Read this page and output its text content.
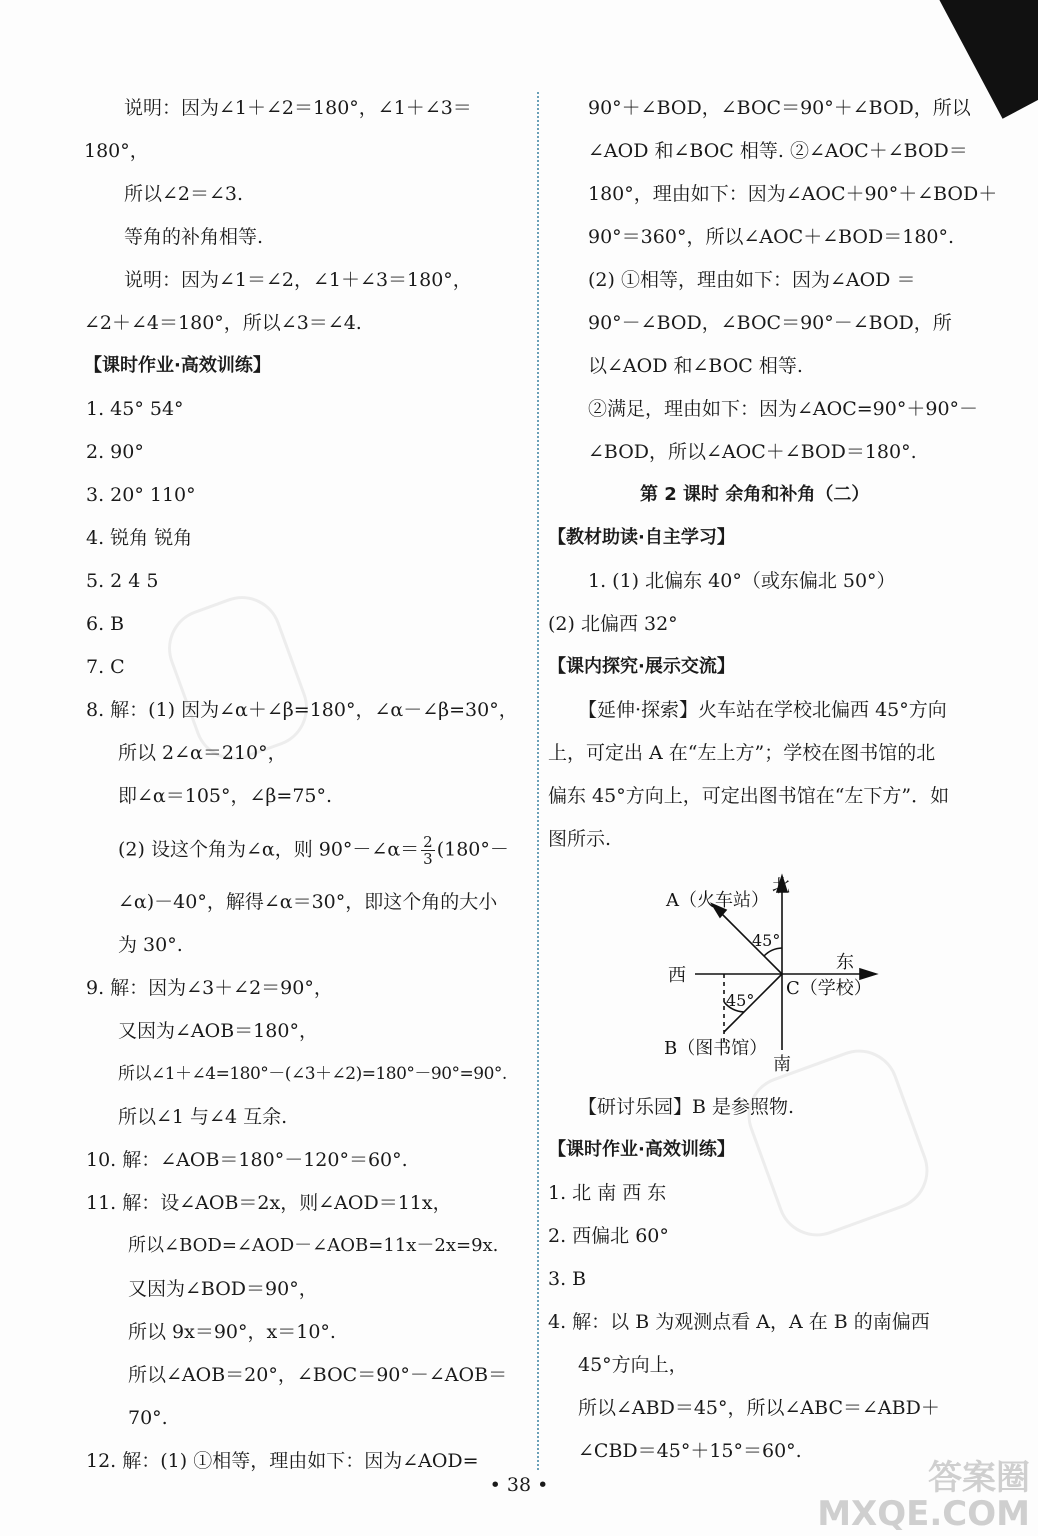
说明：因为∠1＋∠2＝180°，∠1＋∠3＝
180°，
所以∠2＝∠3.
等角的补角相等.
说明：因为∠1＝∠2，∠1＋∠3＝180°，
∠2＋∠4＝180°，所以∠3＝∠4.
【课时作业·高效训练】
1. 45° 54°
2. 90°
3. 20° 110°
4. 锐角 锐角
5. 2 4 5
6. B
7. C
8. 解：(1) 因为∠α＋∠β=180°，∠α－∠β=30°，
所以 2∠α＝210°，
即∠α＝105°，∠β=75°.
(2) 设这个角为∠α，则 90°－∠α＝ $\frac{2}{3} (180^\circ-$
∠α)－40°，解得∠α＝30°，即这个角的大小
为 30°.
9. 解：因为∠3＋∠2＝90°，
又因为∠AOB＝180°，
所以∠1＋∠4=180°－(∠3＋∠2)=180°－90°=90°.
所以∠1 与∠4 互余.
10. 解：∠AOB＝180°－120°＝60°.
11. 解：设∠AOB＝2x，则∠AOD＝11x，
所以∠BOD=∠AOD－∠AOB=11x－2x=9x.
又因为∠BOD＝90°，
所以 9x＝90°，x＝10°.
所以∠AOB＝20°，∠BOC＝90°－∠AOB＝
70°.
12. 解：(1) ①相等，理由如下：因为∠AOD=
90°＋∠BOD，∠BOC＝90°＋∠BOD，所以
∠AOD 和∠BOC 相等. ②∠AOC＋∠BOD＝
180°，理由如下：因为∠AOC＋90°＋∠BOD＋
90°＝360°，所以∠AOC＋∠BOD＝180°.
(2) ①相等，理由如下：因为∠AOD ＝
90°－∠BOD，∠BOC＝90°－∠BOD，所
以∠AOD 和∠BOC 相等.
②满足，理由如下：因为∠AOC=90°＋90°－
∠BOD，所以∠AOC＋∠BOD＝180°.
第 2 课时 余角和补角（二）
【教材助读·自主学习】
1. (1) 北偏东 40°（或东偏北 50°）
(2) 北偏西 32°
【课内探究·展示交流】
【延伸·探索】火车站在学校北偏西 45°方向
上，可定出 A 在“左上方”；学校在图书馆的北
偏东 45°方向上，可定出图书馆在“左下方”．如
图所示.
北
南
西
东
A（火车站）
B（图书馆）
C（学校）
45°
45°
【研讨乐园】B 是参照物.
【课时作业·高效训练】
1. 北 南 西 东
2. 西偏北 60°
3. B
4. 解：以 B 为观测点看 A，A 在 B 的南偏西
45°方向上，
所以∠ABD＝45°，所以∠ABC＝∠ABD＋
∠CBD＝45°＋15°＝60°.
• 38 •	答案圈
MXQE.COM
